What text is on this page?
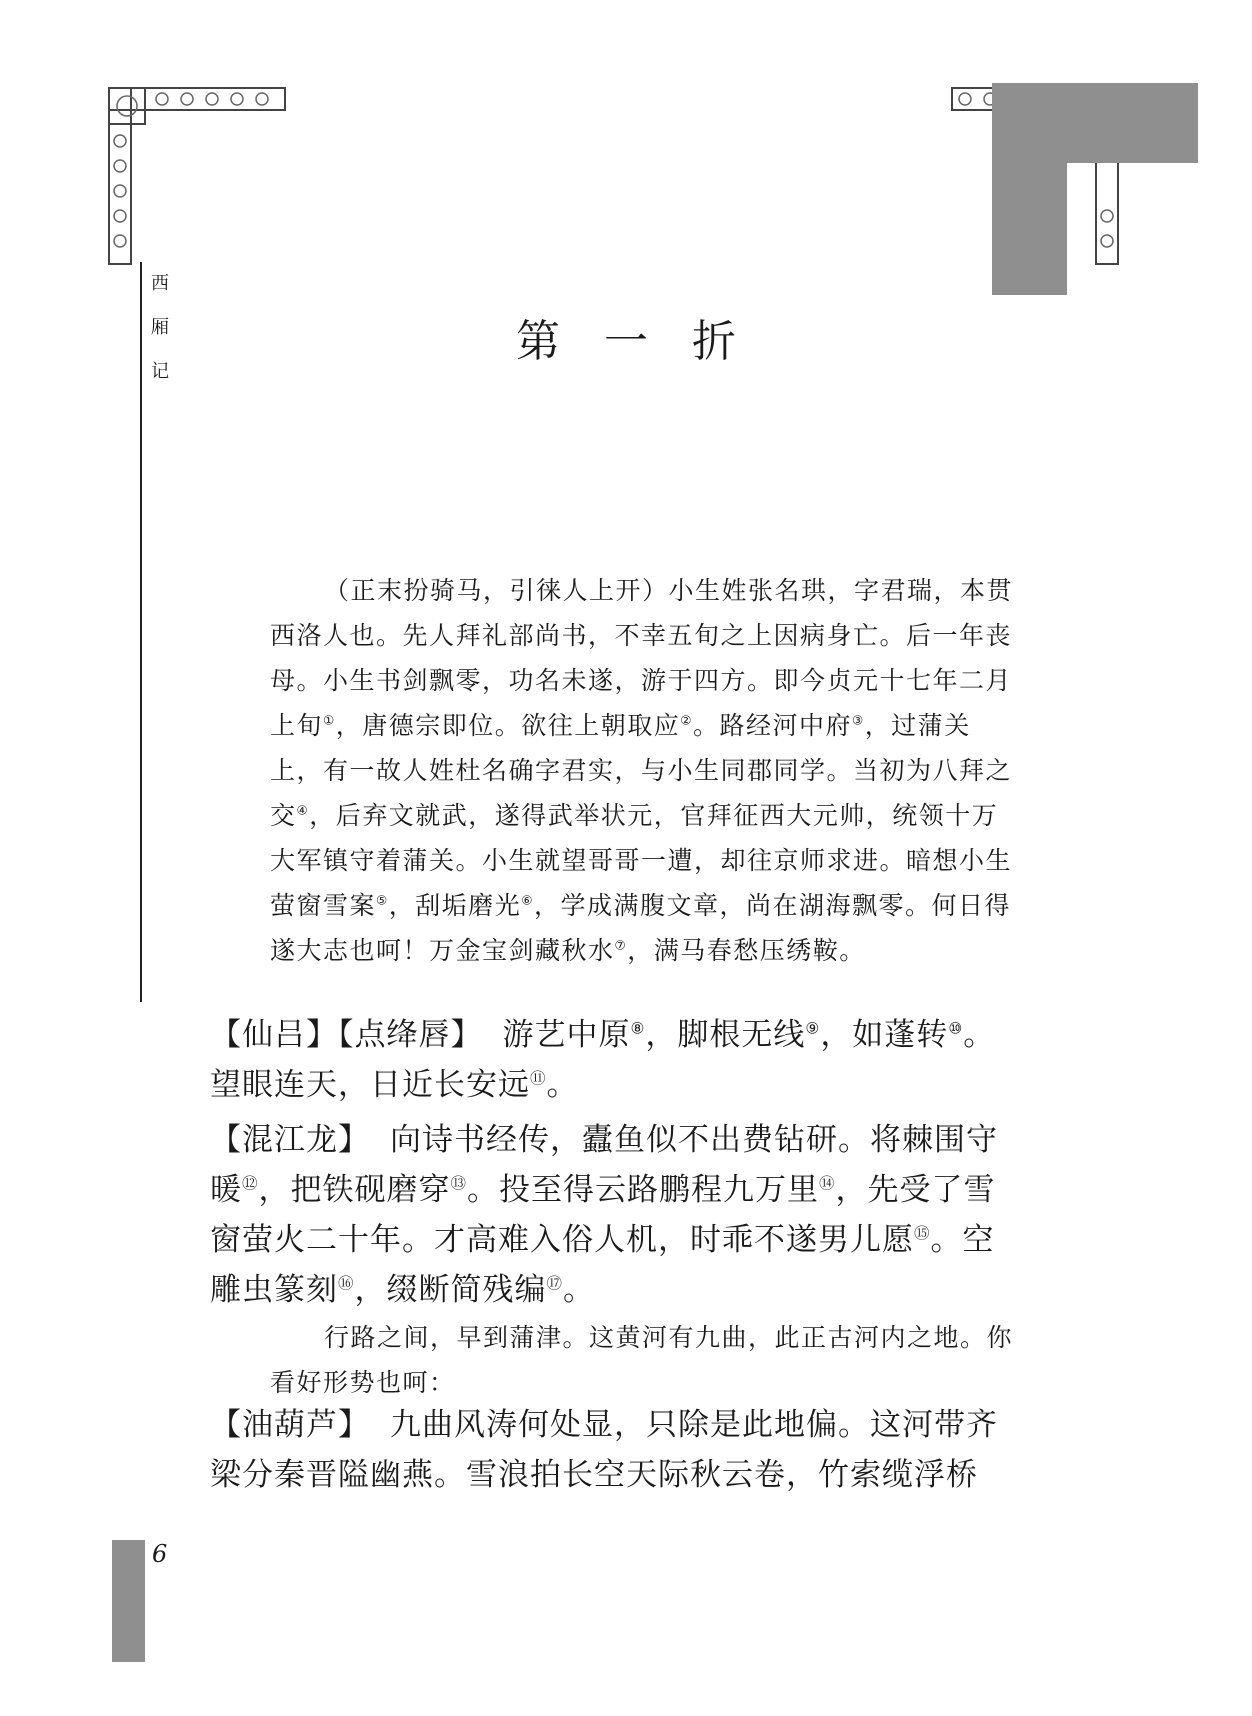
西
厢
记
第一折

（正末扮骑马，引徕人上开）小生姓张名珙，字君瑞，本贯西洛人也。先人拜礼部尚书，不幸五旬之上因病身亡。后一年丧母。小生书剑飘零，功名未遂，游于四方。即今贞元十七年二月上旬①，唐德宗即位。欲往上朝取应②。路经河中府③，过蒲关上，有一故人姓杜名确字君实，与小生同郡同学。当初为八拜之交④，后弃文就武，遂得武举状元，官拜征西大元帅，统领十万大军镇守着蒲关。小生就望哥哥一遭，却往京师求进。暗想小生萤窗雪案⑤，刮垢磨光⑥，学成满腹文章，尚在湖海飘零。何日得遂大志也呵！万金宝剑藏秋水⑦，满马春愁压绣鞍。

【仙吕】【点绛唇】 游艺中原⑧，脚根无线⑨，如蓬转⑩。望眼连天，日近长安远⑪。

【混江龙】 向诗书经传，蠹鱼似不出费钻研。将棘围守暖⑫，把铁砚磨穿⑬。投至得云路鹏程九万里⑭，先受了雪窗萤火二十年。才高难入俗人机，时乖不遂男儿愿⑮。空雕虫篆刻⑯，缀断简残编⑰。

行路之间，早到蒲津。这黄河有九曲，此正古河内之地。你看好形势也呵：

【油葫芦】 九曲风涛何处显，只除是此地偏。这河带齐梁分秦晋隘幽燕。雪浪拍长空天际秋云卷，竹索缆浮桥

6
